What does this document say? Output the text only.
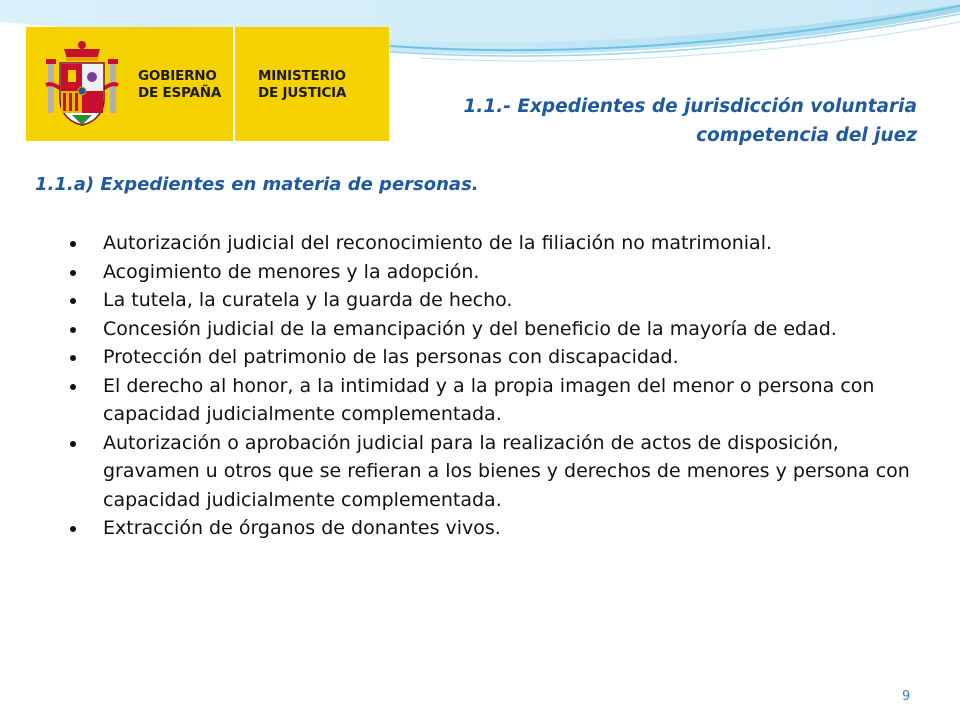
GOBIERNO
DE ESPAÑA
MINISTERIO
DE JUSTICIA
1.1.- Expedientes de jurisdicción voluntaria
competencia del juez
1.1.a) Expedientes en materia de personas.
Autorización judicial del reconocimiento de la filiación no matrimonial.
Acogimiento de menores y la adopción.
La tutela, la curatela y la guarda de hecho.
Concesión judicial de la emancipación y del beneficio de la mayoría de edad.
Protección del patrimonio de las personas con discapacidad.
El derecho al honor, a la intimidad y a la propia imagen del menor o persona con capacidad judicialmente complementada.
Autorización o aprobación judicial para la realización de actos de disposición, gravamen u otros que se refieran a los bienes y derechos de menores y persona con capacidad judicialmente complementada.
Extracción de órganos de donantes vivos.
9
